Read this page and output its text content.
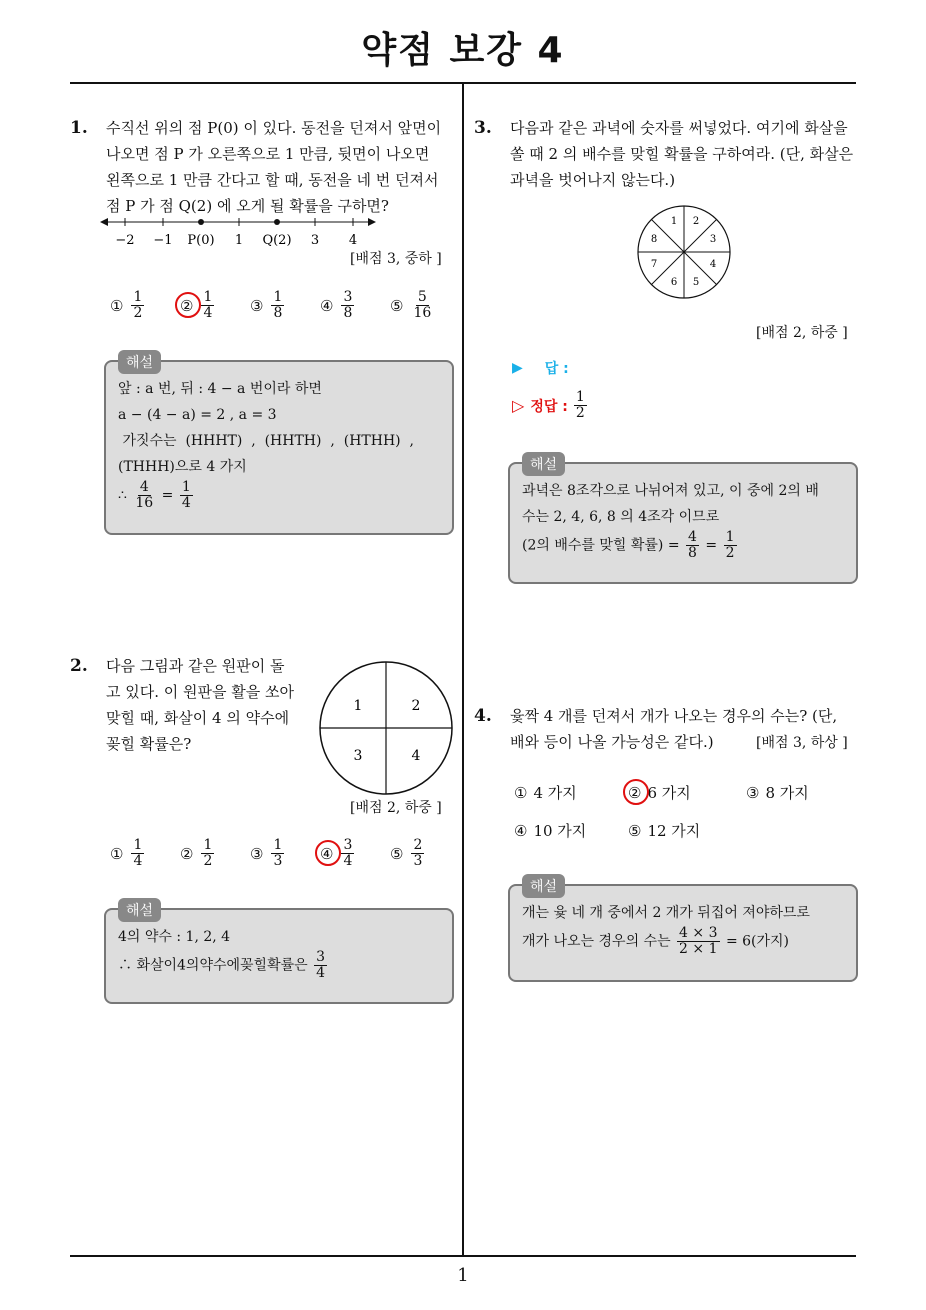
약점 보강 4
1
1. 수직선 위의 점 P(0) 이 있다. 동전을 던져서 앞면이
나오면 점 P 가 오른쪽으로 1 만큼, 뒷면이 나오면
왼쪽으로 1 만큼 간다고 할 때, 동전을 네 번 던져서
점 P 가 점 Q(2) 에 오게 될 확률을 구하면?
−2 −1 P(0) 1 Q(2) 3 4
[배점 3, 중하 ]
① $\frac{1}{2}$ ② $\frac{1}{4}$ ③ $\frac{1}{8}$ ④ $\frac{3}{8}$ ⑤ $\frac{5}{16}$
해설
앞 : a 번, 뒤 : 4 − a 번이라 하면
a − (4 − a) = 2 , a = 3
가짓수는  (HHHT)  ,  (HHTH)  ,  (HTHH)  ,
(THHH)으로 4 가지
∴ $\frac{4}{16} = \frac{1}{4}$
2. 다음 그림과 같은 원판이 돌
고 있다. 이 원판을 활을 쏘아
맞힐 때, 화살이 4 의 약수에
꽂힐 확률은?
1	2
3	4
[배점 2, 하중 ]
① $\frac{1}{4}$ ② $\frac{1}{2}$ ③ $\frac{1}{3}$ ④ $\frac{3}{4}$ ⑤ $\frac{2}{3}$
해설
4의 약수 : 1, 2, 4
∴ 화살이4의약수에꽂힐확률은 $\frac{3}{4}$
3. 다음과 같은 과녁에 숫자를 써넣었다. 여기에 화살을
쏠 때 2 의 배수를 맞힐 확률을 구하여라. (단, 화살은
과녁을 벗어나지 않는다.)
1 2
3
4
5
6
7
8
[배점 2, 하중 ]
▶ 답 :
▷ 정답 : $\frac{1}{2}$
해설
과녁은 8조각으로 나뉘어져 있고, 이 중에 2의 배
수는 2, 4, 6, 8 의 4조각 이므로
(2의 배수를 맞힐 확률) = $\frac{4}{8} = \frac{1}{2}$
4. 윷짝 4 개를 던져서 개가 나오는 경우의 수는? (단,
배와 등이 나올 가능성은 같다.)	[배점 3, 하상 ]
① 4 가지	② 6 가지	③ 8 가지
④ 10 가지	⑤ 12 가지
해설
개는 윷 네 개 중에서 2 개가 뒤집어 져야하므로
개가 나오는 경우의 수는 $\frac{4 \times 3}{2 \times 1} = 6$(가지)
